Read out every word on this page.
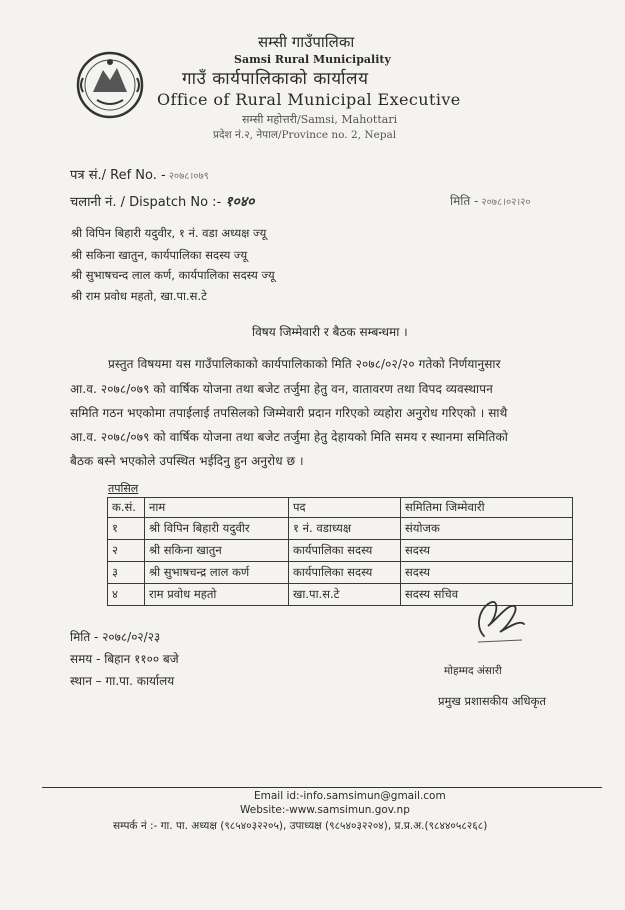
सम्सी गाउँपालिका
Samsi Rural Municipality
गाउँ कार्यपालिकाको कार्यालय
Office of Rural Municipal Executive
सम्सी महोत्तरी/Samsi, Mahottari
प्रदेश नं.२, नेपाल/Province no. 2, Nepal
पत्र सं./ Ref No. - २०७८।०७९
चलानी नं. / Dispatch No :- १०४०	मिति - २०७८।०२।२०
श्री विपिन बिहारी यदुवीर, १ नं. वडा अध्यक्ष ज्यू
श्री सकिना खातुन, कार्यपालिका सदस्य ज्यू
श्री सुभाषचन्द लाल कर्ण, कार्यपालिका सदस्य ज्यू
श्री राम प्रवोध महतो, खा.पा.स.टे
विषय जिम्मेवारी र बैठक सम्बन्धमा ।
प्रस्तुत विषयमा यस गाउँपालिकाको कार्यपालिकाको मिति २०७८/०२/२० गतेको निर्णयानुसार
आ.व. २०७८/०७९ को वार्षिक योजना तथा बजेट तर्जुमा हेतु वन, वातावरण तथा विपद व्यवस्थापन
समिति गठन भएकोमा तपाईलाई तपसिलको जिम्मेवारी प्रदान गरिएको व्यहोरा अनुरोध गरिएको । साथै
आ.व. २०७८/०७९ को वार्षिक योजना तथा बजेट तर्जुमा हेतु देहायको मिति समय र स्थानमा समितिको
बैठक बस्ने भएकोले उपस्थित भईदिनु हुन अनुरोध छ ।
तपसिल
क.सं.	नाम	पद	समितिमा जिम्मेवारी
१	श्री विपिन बिहारी यदुवीर	१ नं. वडाध्यक्ष	संयोजक
२	श्री सकिना खातुन	कार्यपालिका सदस्य	सदस्य
३	श्री सुभाषचन्द्र लाल कर्ण	कार्यपालिका सदस्य	सदस्य
४	राम प्रवोध महतो	खा.पा.स.टे	सदस्य सचिव
मिति - २०७८/०२/२३
समय - बिहान ११०० बजे
स्थान – गा.पा. कार्यालय
मोहम्मद अंसारी
प्रमुख प्रशासकीय अधिकृत
Email id:-info.samsimun@gmail.com
Website:-www.samsimun.gov.np
सम्पर्क नं :- गा. पा. अध्यक्ष (९८५४०३२२०५), उपाध्यक्ष (९८५४०३२२०४), प्र.प्र.अ.(९८४४०५८२६८)
